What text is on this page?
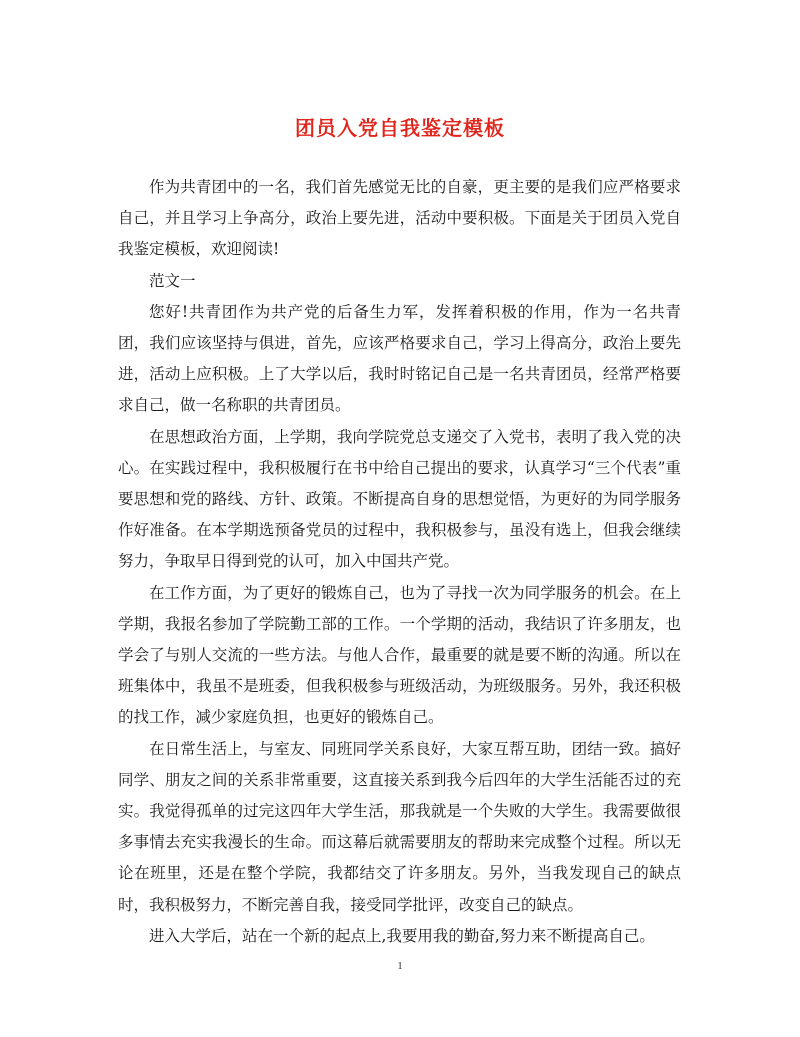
团员入党自我鉴定模板

作为共青团中的一名，我们首先感觉无比的自豪，更主要的是我们应严格要求自己，并且学习上争高分，政治上要先进，活动中要积极。下面是关于团员入党自我鉴定模板，欢迎阅读!

范文一

您好!共青团作为共产党的后备生力军，发挥着积极的作用，作为一名共青团，我们应该坚持与俱进，首先，应该严格要求自己，学习上得高分，政治上要先进，活动上应积极。上了大学以后，我时时铭记自己是一名共青团员，经常严格要求自己，做一名称职的共青团员。

在思想政治方面，上学期，我向学院党总支递交了入党书，表明了我入党的决心。在实践过程中，我积极履行在书中给自己提出的要求，认真学习“三个代表”重要思想和党的路线、方针、政策。不断提高自身的思想觉悟，为更好的为同学服务作好准备。在本学期选预备党员的过程中，我积极参与，虽没有选上，但我会继续努力，争取早日得到党的认可，加入中国共产党。

在工作方面，为了更好的锻炼自己，也为了寻找一次为同学服务的机会。在上学期，我报名参加了学院勤工部的工作。一个学期的活动，我结识了许多朋友，也学会了与别人交流的一些方法。与他人合作，最重要的就是要不断的沟通。所以在班集体中，我虽不是班委，但我积极参与班级活动，为班级服务。另外，我还积极的找工作，减少家庭负担，也更好的锻炼自己。

在日常生活上，与室友、同班同学关系良好，大家互帮互助，团结一致。搞好同学、朋友之间的关系非常重要，这直接关系到我今后四年的大学生活能否过的充实。我觉得孤单的过完这四年大学生活，那我就是一个失败的大学生。我需要做很多事情去充实我漫长的生命。而这幕后就需要朋友的帮助来完成整个过程。所以无论在班里，还是在整个学院，我都结交了许多朋友。另外，当我发现自己的缺点时，我积极努力，不断完善自我，接受同学批评，改变自己的缺点。

进入大学后，站在一个新的起点上,我要用我的勤奋,努力来不断提高自己。

1
